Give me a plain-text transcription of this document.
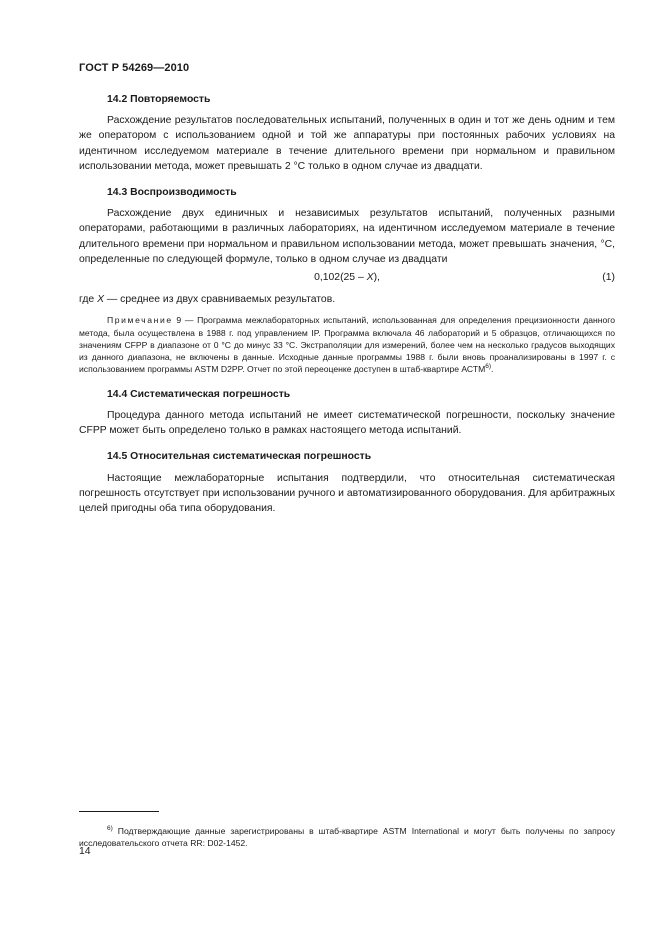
ГОСТ Р 54269—2010
14.2 Повторяемость

Расхождение результатов последовательных испытаний, полученных в один и тот же день одним и тем же оператором с использованием одной и той же аппаратуры при постоянных рабочих условиях на идентичном исследуемом материале в течение длительного времени при нормальном и правильном использовании метода, может превышать 2 °С только в одном случае из двадцати.

14.3 Воспроизводимость

Расхождение двух единичных и независимых результатов испытаний, полученных разными операторами, работающими в различных лабораториях, на идентичном исследуемом материале в течение длительного времени при нормальном и правильном использовании метода, может превышать значения, °С, определенные по следующей формуле, только в одном случае из двадцати

0,102(25 – X),	(1)

где X — среднее из двух сравниваемых результатов.

Примечание 9 — Программа межлабораторных испытаний, использованная для определения прецизионности данного метода, была осуществлена в 1988 г. под управлением IP. Программа включала 46 лабораторий и 5 образцов, отличающихся по значениям CFPP в диапазоне от 0 °С до минус 33 °С. Экстраполяции для измерений, более чем на несколько градусов выходящих из данного диапазона, не включены в данные. Исходные данные программы 1988 г. были вновь проанализированы в 1997 г. с использованием программы ASTM D2PP. Отчет по этой переоценке доступен в штаб-квартире АСТМ$^{6)}$.

14.4 Систематическая погрешность

Процедура данного метода испытаний не имеет систематической погрешности, поскольку значение CFPP может быть определено только в рамках настоящего метода испытаний.

14.5 Относительная систематическая погрешность

Настоящие межлабораторные испытания подтвердили, что относительная систематическая погрешность отсутствует при использовании ручного и автоматизированного оборудования. Для арбитражных целей пригодны оба типа оборудования.

$^{6)}$ Подтверждающие данные зарегистрированы в штаб-квартире ASTM International и могут быть получены по запросу исследовательского отчета RR: D02-1452.

14
